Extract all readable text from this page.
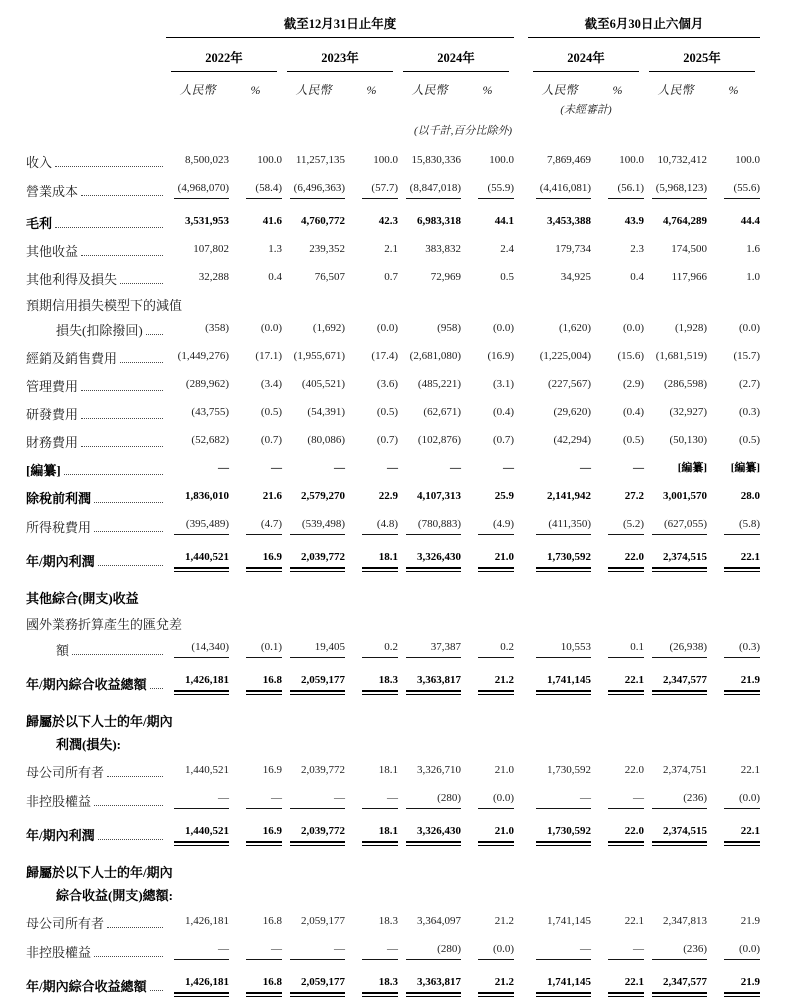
	截至12月31日止年度							截至6月30日止六個月			

	2022年		2023年		2024年			2024年		2025年	

	人民幣	%	人民幣	%	人民幣	%		人民幣	%	人民幣	%

								(未經審計)			

(以千計,百分比除外)											

收入	8,500,023	100.0	11,257,135	100.0	15,830,336	100.0		7,869,469	100.0	10,732,412	100.0

營業成本	(4,968,070)	(58.4)	(6,496,363)	(57.7)	(8,847,018)	(55.9)		(4,416,081)	(56.1)	(5,968,123)	(55.6)

毛利	3,531,953	41.6	4,760,772	42.3	6,983,318	44.1		3,453,388	43.9	4,764,289	44.4

其他收益	107,802	1.3	239,352	2.1	383,832	2.4		179,734	2.3	174,500	1.6

其他利得及損失	32,288	0.4	76,507	0.7	72,969	0.5		34,925	0.4	117,966	1.0

預期信用損失模型下的減值											

損失(扣除撥回)	(358)	(0.0)	(1,692)	(0.0)	(958)	(0.0)		(1,620)	(0.0)	(1,928)	(0.0)

經銷及銷售費用	(1,449,276)	(17.1)	(1,955,671)	(17.4)	(2,681,080)	(16.9)		(1,225,004)	(15.6)	(1,681,519)	(15.7)

管理費用	(289,962)	(3.4)	(405,521)	(3.6)	(485,221)	(3.1)		(227,567)	(2.9)	(286,598)	(2.7)

研發費用	(43,755)	(0.5)	(54,391)	(0.5)	(62,671)	(0.4)		(29,620)	(0.4)	(32,927)	(0.3)

財務費用	(52,682)	(0.7)	(80,086)	(0.7)	(102,876)	(0.7)		(42,294)	(0.5)	(50,130)	(0.5)

[編纂]	—	—	—	—	—	—		—	—	[編纂]	[編纂]

除稅前利潤	1,836,010	21.6	2,579,270	22.9	4,107,313	25.9		2,141,942	27.2	3,001,570	28.0

所得稅費用	(395,489)	(4.7)	(539,498)	(4.8)	(780,883)	(4.9)		(411,350)	(5.2)	(627,055)	(5.8)

年/期內利潤	1,440,521	16.9	2,039,772	18.1	3,326,430	21.0		1,730,592	22.0	2,374,515	22.1

其他綜合(開支)收益											

國外業務折算產生的匯兌差											

額	(14,340)	(0.1)	19,405	0.2	37,387	0.2		10,553	0.1	(26,938)	(0.3)

年/期內綜合收益總額	1,426,181	16.8	2,059,177	18.3	3,363,817	21.2		1,741,145	22.1	2,347,577	21.9

歸屬於以下人士的年/期內											

利潤(損失):											

母公司所有者	1,440,521	16.9	2,039,772	18.1	3,326,710	21.0		1,730,592	22.0	2,374,751	22.1

非控股權益	—	—	—	—	(280)	(0.0)		—	—	(236)	(0.0)

年/期內利潤	1,440,521	16.9	2,039,772	18.1	3,326,430	21.0		1,730,592	22.0	2,374,515	22.1

歸屬於以下人士的年/期內											

綜合收益(開支)總額:											

母公司所有者	1,426,181	16.8	2,059,177	18.3	3,364,097	21.2		1,741,145	22.1	2,347,813	21.9

非控股權益	—	—	—	—	(280)	(0.0)		—	—	(236)	(0.0)

年/期內綜合收益總額	1,426,181	16.8	2,059,177	18.3	3,363,817	21.2		1,741,145	22.1	2,347,577	21.9
